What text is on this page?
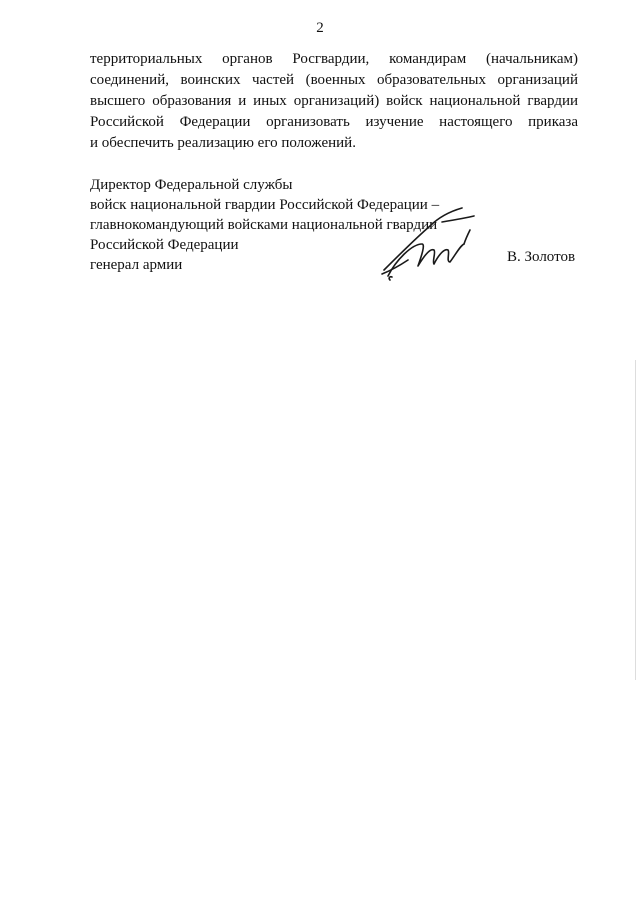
2
территориальных органов Росгвардии, командирам (начальникам)
соединений, воинских частей (военных образовательных организаций
высшего образования и иных организаций) войск национальной гвардии
Российской Федерации организовать изучение настоящего приказа
и обеспечить реализацию его положений.
Директор Федеральной службы
войск национальной гвардии Российской Федерации –
главнокомандующий войсками национальной гвардии
Российской Федерации
генерал армии	В. Золотов
